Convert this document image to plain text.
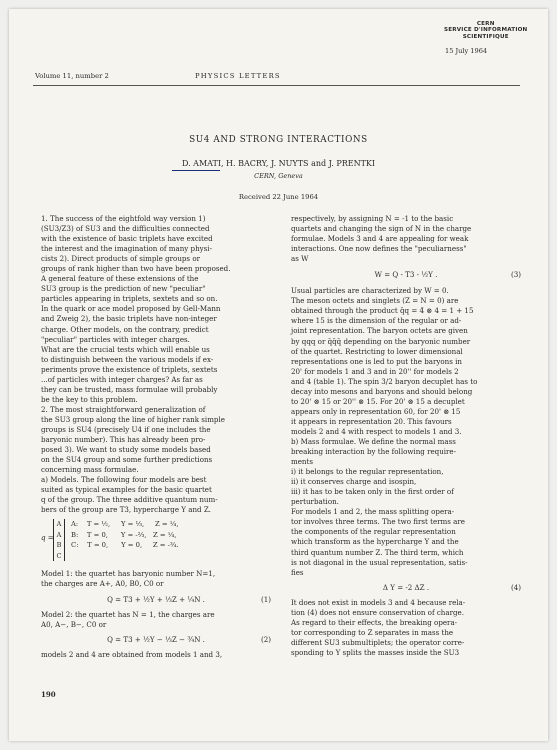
CERN
SERVICE D'INFORMATION
SCIENTIFIQUE
15 July 1964
Volume 11, number 2	PHYSICS LETTERS
SU4 AND STRONG INTERACTIONS
D. AMATI, H. BACRY, J. NUYTS and J. PRENTKI
CERN, Geneva
Received 22 June 1964

1. The success of the eightfold way version 1)

(SU3/Z3) of SU3 and the difficulties connected

with the existence of basic triplets have excited

the interest and the imagination of many physi-

cists 2). Direct products of simple groups or

groups of rank higher than two have been proposed.

A general feature of these extensions of the

SU3 group is the prediction of new "peculiar"

particles appearing in triplets, sextets and so on.

In the quark or ace model proposed by Gell-Mann

and Zweig 2), the basic triplets have non-integer

charge. Other models, on the contrary, predict

"peculiar" particles with integer charges.

What are the crucial tests which will enable us

to distinguish between the various models if ex-

periments prove the existence of triplets, sextets

...of particles with integer charges? As far as

they can be trusted, mass formulae will probably

be the key to this problem.

2. The most straightforward generalization of

the SU3 group along the line of higher rank simple

groups is SU4 (precisely U4 if one includes the

baryonic number). This has already been pro-

posed 3). We want to study some models based

on the SU4 group and some further predictions

concerning mass formulae.

a) Models. The following four models are best

suited as typical examples for the basic quartet

q of the group. The three additive quantum num-

bers of the group are T3, hypercharge Y and Z.

q =
A
A
B
C
A:    T = ½,     Y = ⅓,     Z = ¼,
B:    T = 0,      Y = -⅔,   Z = ¼,
C:    T = 0,      Y = 0,     Z = -¾.

Model 1: the quartet has baryonic number N=1,

the charges are A+, A0, B0, C0 or

Q = T3 + ½Y + ⅓Z + ¼N .	(1)

Model 2: the quartet has N = 1, the charges are

A0, A−, B−, C0 or

Q = T3 + ½Y − ⅓Z − ¾N .	(2)

models 2 and 4 are obtained from models 1 and 3,

respectively, by assigning N = -1 to the basic

quartets and changing the sign of N in the charge

formulae. Models 3 and 4 are appealing for weak

interactions. One now defines the "peculiarness"

as W

W = Q - T3 - ½Y .	(3)

Usual particles are characterized by W = 0.

The meson octets and singlets (Z = N = 0) are

obtained through the product q̄q = 4̄ ⊗ 4 = 1 + 15

where 15 is the dimension of the regular or ad-

joint representation. The baryon octets are given

by qqq or q̄q̄q̄ depending on the baryonic number

of the quartet. Restricting to lower dimensional

representations one is led to put the baryons in

20' for models 1 and 3 and in 20'' for models 2

and 4 (table 1). The spin 3/2 baryon decuplet has to

decay into mesons and baryons and should belong

to 20' ⊗ 15 or 20'' ⊗ 15. For 20' ⊗ 15 a decuplet

appears only in representation 60, for 20' ⊗ 15

it appears in representation 20. This favours

models 2 and 4 with respect to models 1 and 3.

b) Mass formulae. We define the normal mass

breaking interaction by the following require-

ments

i) it belongs to the regular representation,

ii) it conserves charge and isospin,

iii) it has to be taken only in the first order of

perturbation.

For models 1 and 2, the mass splitting opera-

tor involves three terms. The two first terms are

the components of the regular representation

which transform as the hypercharge Y and the

third quantum number Z. The third term, which

is not diagonal in the usual representation, satis-

fies

Δ Y = -2 ΔZ .	(4)

It does not exist in models 3 and 4 because rela-

tion (4) does not ensure conservation of charge.

As regard to their effects, the breaking opera-

tor corresponding to Z separates in mass the

different SU3 submultiplets; the operator corre-

sponding to Y splits the masses inside the SU3

190
